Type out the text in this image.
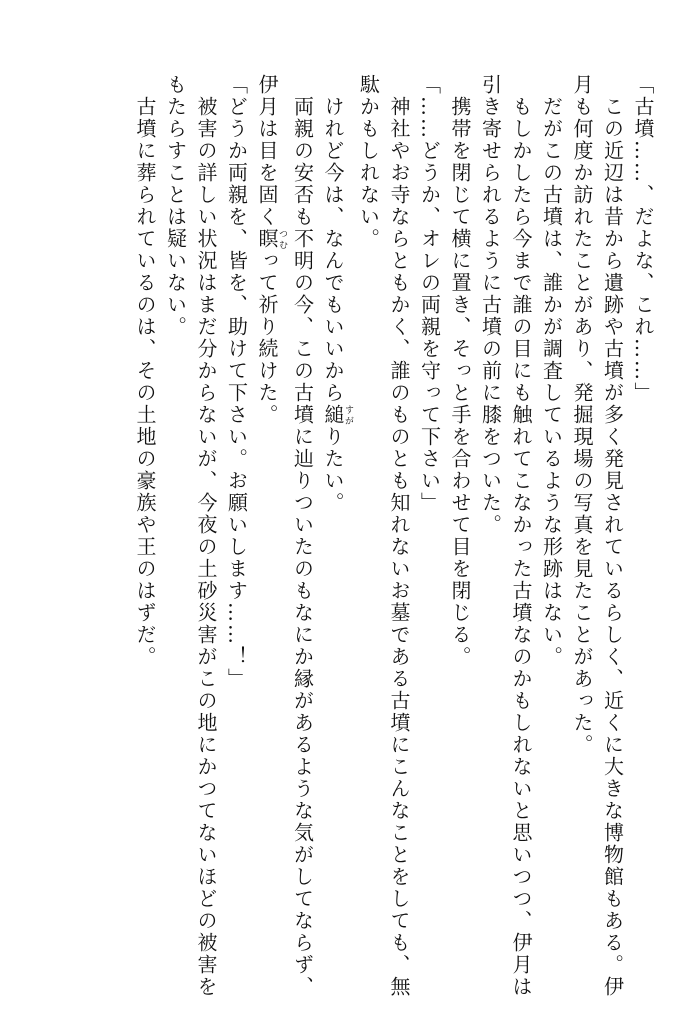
「古墳……、だよな、これ……」
　この近辺は昔から遺跡や古墳が多く発見されているらしく、近くに大きな博物館もある。伊
月も何度か訪れたことがあり、発掘現場の写真を見たことがあった。
　だがこの古墳は、誰かが調査しているような形跡はない。
　もしかしたら今まで誰の目にも触れてこなかった古墳なのかもしれないと思いつつ、伊月は
引き寄せられるように古墳の前に膝をついた。
　携帯を閉じて横に置き、そっと手を合わせて目を閉じる。
「……どうか、オレの両親を守って下さい」
　神社やお寺ならともかく、誰のものとも知れないお墓である古墳にこんなことをしても、無
駄かもしれない。
　けれど今は、なんでもいいから縋すがりたい。
　両親の安否も不明の今、この古墳に辿りついたのもなにか縁があるような気がしてならず、
伊月は目を固く瞑つむって祈り続けた。
「どうか両親を、皆を、助けて下さい。お願いします……！」
　被害の詳しい状況はまだ分からないが、今夜の土砂災害がこの地にかつてないほどの被害を
もたらすことは疑いない。
　古墳に葬られているのは、その土地の豪族や王のはずだ。
